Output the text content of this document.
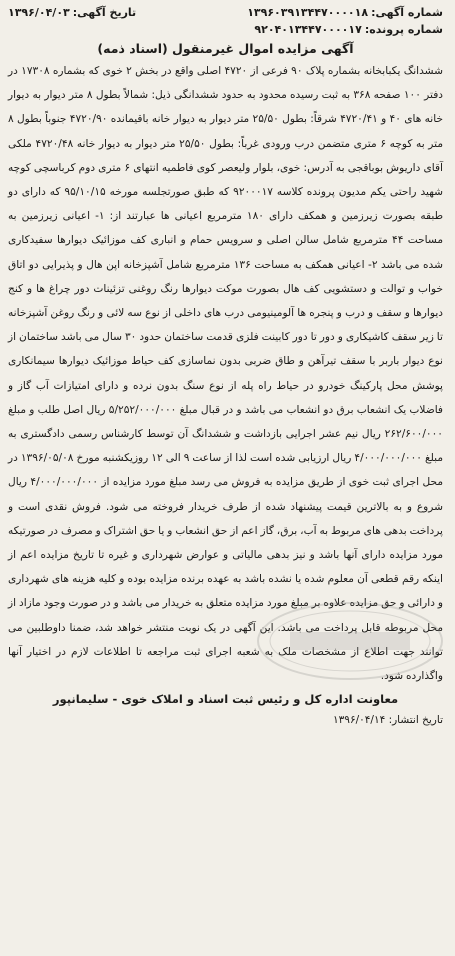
شماره آگهی:۱۳۹۶۰۳۹۱۳۴۴۷۰۰۰۰۱۸
تاریخ آگهی:۱۳۹۶/۰۴/۰۳
شماره پرونده:۹۲۰۴۰۱۳۴۴۷۰۰۰۰۱۷
آگهی مزایده اموال غیرمنقول (اسناد ذمه)

ششدانگ یکبابخانه بشماره پلاک ۹۰ فرعی از ۴۷۲۰ اصلی واقع در بخش ۲ خوی که بشماره ۱۷۳۰۸ در دفتر ۱۰۰ صفحه ۳۶۸ به ثبت رسیده محدود به حدود ششدانگی ذیل: شمالاً بطول ۸ متر دیوار به دیوار خانه های ۴۰ و ۴۷۲۰/۴۱ شرقاً: بطول ۲۵/۵۰ متر دیوار به دیوار خانه باقیمانده ۴۷۲۰/۹۰ جنوباً بطول ۸ متر به کوچه ۶ متری متضمن درب ورودی غرباً: بطول ۲۵/۵۰ متر دیوار به دیوار خانه ۴۷۲۰/۴۸ ملکی آقای داریوش بوباقجی به آدرس: خوی، بلوار ولیعصر کوی فاطمیه انتهای ۶ متری دوم کرباسچی کوچه شهید راحتی یکم مدیون پرونده کلاسه ۹۲۰۰۰۱۷ که طبق صورتجلسه مورخه ۹۵/۱۰/۱۵ که دارای دو طبقه بصورت زیرزمین و همکف دارای ۱۸۰ مترمربع اعیانی ها عبارتند از: ۱- اعیانی زیرزمین به مساحت ۴۴ مترمربع شامل سالن اصلی و سرویس حمام و انباری کف موزائیک دیوارها سفیدکاری شده می باشد ۲- اعیانی همکف به مساحت ۱۳۶ مترمربع شامل آشپزخانه اپن هال و پذیرایی دو اتاق خواب و توالت و دستشویی کف هال بصورت موکت دیوارها رنگ روغنی تزئینات دور چراغ ها و کنج دیوارها و سقف و درب و پنجره ها آلومینیومی درب های داخلی از نوع سه لائی و رنگ روغن آشپزخانه تا زیر سقف کاشیکاری و دور تا دور کابینت فلزی قدمت ساختمان حدود ۳۰ سال می باشد ساختمان از نوع دیوار باربر با سقف تیرآهن و طاق ضربی بدون نماسازی کف حیاط موزائیک دیوارها سیمانکاری پوشش محل پارکینگ خودرو در حیاط راه پله از نوع سنگ بدون نرده و دارای امتیازات آب گاز و فاضلاب یک انشعاب برق دو انشعاب می باشد و در قبال مبلغ ۵/۲۵۲/۰۰۰/۰۰۰ ریال اصل طلب و مبلغ ۲۶۲/۶۰۰/۰۰۰ ریال نیم عشر اجرایی بازداشت و ششدانگ آن توسط کارشناس رسمی دادگستری به مبلغ ۴/۰۰۰/۰۰۰/۰۰۰ ریال ارزیابی شده است لذا از ساعت ۹ الی ۱۲ روزیکشنبه مورخ ۱۳۹۶/۰۵/۰۸ در محل اجرای ثبت خوی از طریق مزایده به فروش می رسد مبلغ مورد مزایده از ۴/۰۰۰/۰۰۰/۰۰۰ ریال شروع و به بالاترین قیمت پیشنهاد شده از طرف خریدار فروخته می شود. فروش نقدی است و پرداخت بدهی های مربوط به آب، برق، گاز اعم از حق انشعاب و یا حق اشتراک و مصرف در صورتیکه مورد مزایده دارای آنها باشد و نیز بدهی مالیاتی و عوارض شهرداری و غیره تا تاریخ مزایده اعم از اینکه رقم قطعی آن معلوم شده یا نشده باشد به عهده برنده مزایده بوده و کلیه هزینه های شهرداری و دارائی و حق مزایده علاوه بر مبلغ مورد مزایده متعلق به خریدار می باشد و در صورت وجود مازاد از محل مربوطه قابل پرداخت می باشد. این آگهی در یک نوبت منتشر خواهد شد، ضمنا داوطلبین می توانند جهت اطلاع از مشخصات ملک به شعبه اجرای ثبت مراجعه تا اطلاعات لازم در اختیار آنها واگذارده شود.

معاونت اداره کل و رئیس ثبت اسناد و املاک خوی - سلیمانپور
تاریخ انتشار: ۱۳۹۶/۰۴/۱۴
